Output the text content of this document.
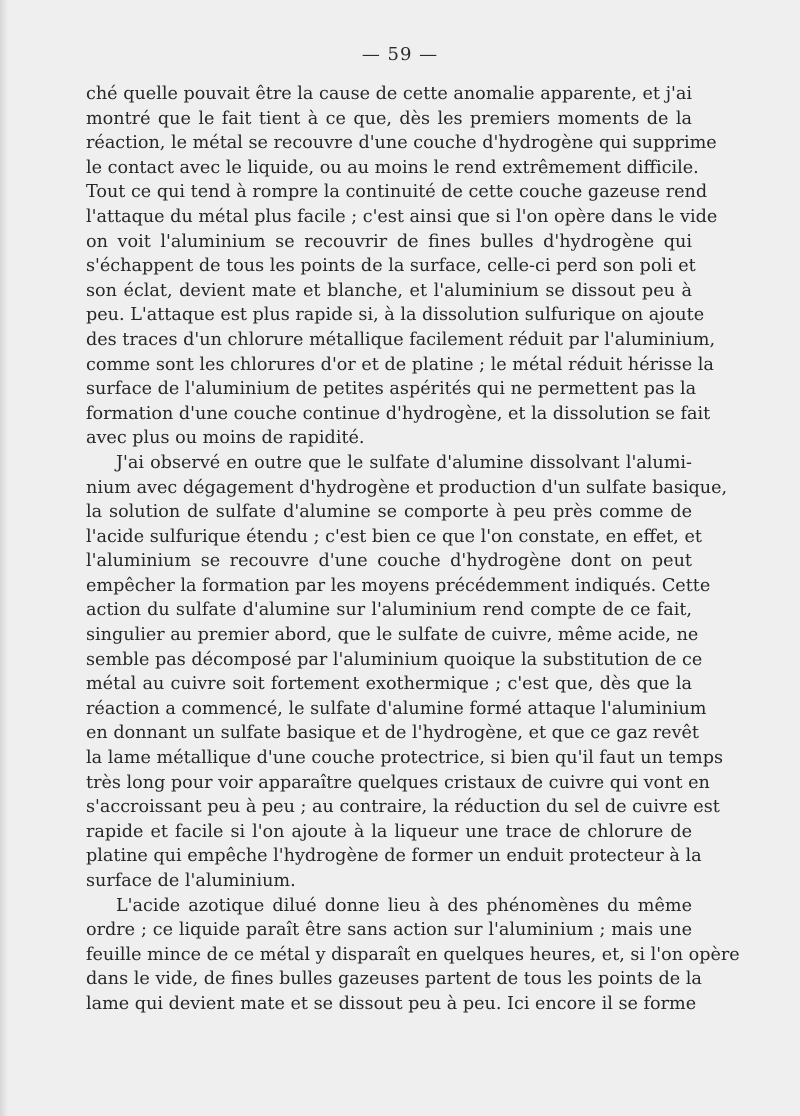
— 59 —
ché quelle pouvait être la cause de cette anomalie apparente, et j'ai
montré que le fait tient à ce que, dès les premiers moments de la
réaction, le métal se recouvre d'une couche d'hydrogène qui supprime
le contact avec le liquide, ou au moins le rend extrêmement difficile.
Tout ce qui tend à rompre la continuité de cette couche gazeuse rend
l'attaque du métal plus facile ; c'est ainsi que si l'on opère dans le vide
on voit l'aluminium se recouvrir de fines bulles d'hydrogène qui
s'échappent de tous les points de la surface, celle-ci perd son poli et
son éclat, devient mate et blanche, et l'aluminium se dissout peu à
peu. L'attaque est plus rapide si, à la dissolution sulfurique on ajoute
des traces d'un chlorure métallique facilement réduit par l'aluminium,
comme sont les chlorures d'or et de platine ; le métal réduit hérisse la
surface de l'aluminium de petites aspérités qui ne permettent pas la
formation d'une couche continue d'hydrogène, et la dissolution se fait
avec plus ou moins de rapidité.
J'ai observé en outre que le sulfate d'alumine dissolvant l'alumi-
nium avec dégagement d'hydrogène et production d'un sulfate basique,
la solution de sulfate d'alumine se comporte à peu près comme de
l'acide sulfurique étendu ; c'est bien ce que l'on constate, en effet, et
l'aluminium se recouvre d'une couche d'hydrogène dont on peut
empêcher la formation par les moyens précédemment indiqués. Cette
action du sulfate d'alumine sur l'aluminium rend compte de ce fait,
singulier au premier abord, que le sulfate de cuivre, même acide, ne
semble pas décomposé par l'aluminium quoique la substitution de ce
métal au cuivre soit fortement exothermique ; c'est que, dès que la
réaction a commencé, le sulfate d'alumine formé attaque l'aluminium
en donnant un sulfate basique et de l'hydrogène, et que ce gaz revêt
la lame métallique d'une couche protectrice, si bien qu'il faut un temps
très long pour voir apparaître quelques cristaux de cuivre qui vont en
s'accroissant peu à peu ; au contraire, la réduction du sel de cuivre est
rapide et facile si l'on ajoute à la liqueur une trace de chlorure de
platine qui empêche l'hydrogène de former un enduit protecteur à la
surface de l'aluminium.
L'acide azotique dilué donne lieu à des phénomènes du même
ordre ; ce liquide paraît être sans action sur l'aluminium ; mais une
feuille mince de ce métal y disparaît en quelques heures, et, si l'on opère
dans le vide, de fines bulles gazeuses partent de tous les points de la
lame qui devient mate et se dissout peu à peu. Ici encore il se forme
